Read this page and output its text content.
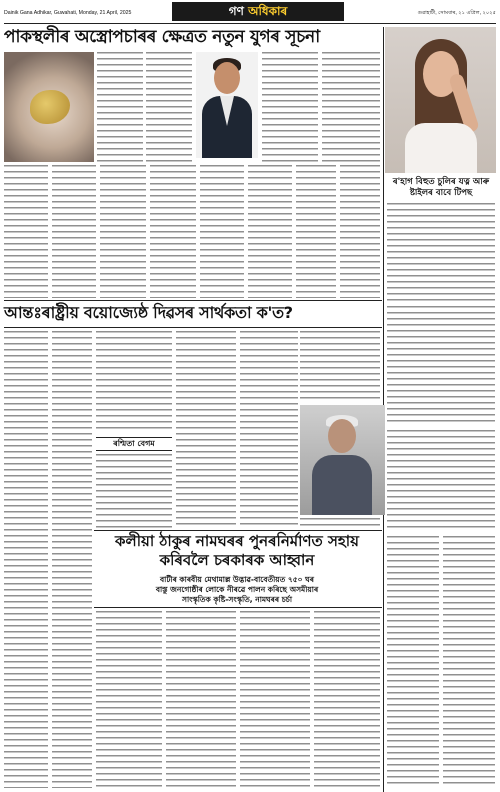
Dainik Gana Adhikar, Guwahati, Monday, 21 April, 2025	গণ অধিকাৰ	গুৱাহাটী, সোমবাৰ, ২১ এপ্ৰিল, ২০২৫
পাকস্থলীৰ অস্ত্ৰোপচাৰৰ ক্ষেত্ৰত নতুন যুগৰ সূচনা
ৰ'হাগ বিহুত চুলিৰ যত্ন আৰু ষ্টাইলৰ বাবে টিপছ
আন্তঃৰাষ্ট্ৰীয় বয়োজ্যেষ্ঠ দিৱসৰ সাৰ্থকতা ক'ত?
ৰশ্মিতা বেগম
কলীয়া ঠাকুৰ নামঘৰৰ পুনৰনিৰ্মাণত সহায় কৰিবলৈ চৰকাৰক আহ্বান
বাটীৰ কাৰবীয় মেথামাল্ল উদ্ভাৱ-বাবেতীয়ত ৭৫০ ঘৰ
বাস্তু জনগোষ্ঠীৰ লোকে নীৰৱে পালন কৰিছে অসমীয়াৰ
সাংস্কৃতিক কৃষ্টি-সংস্কৃতি, নামঘৰৰ চৰ্চা
